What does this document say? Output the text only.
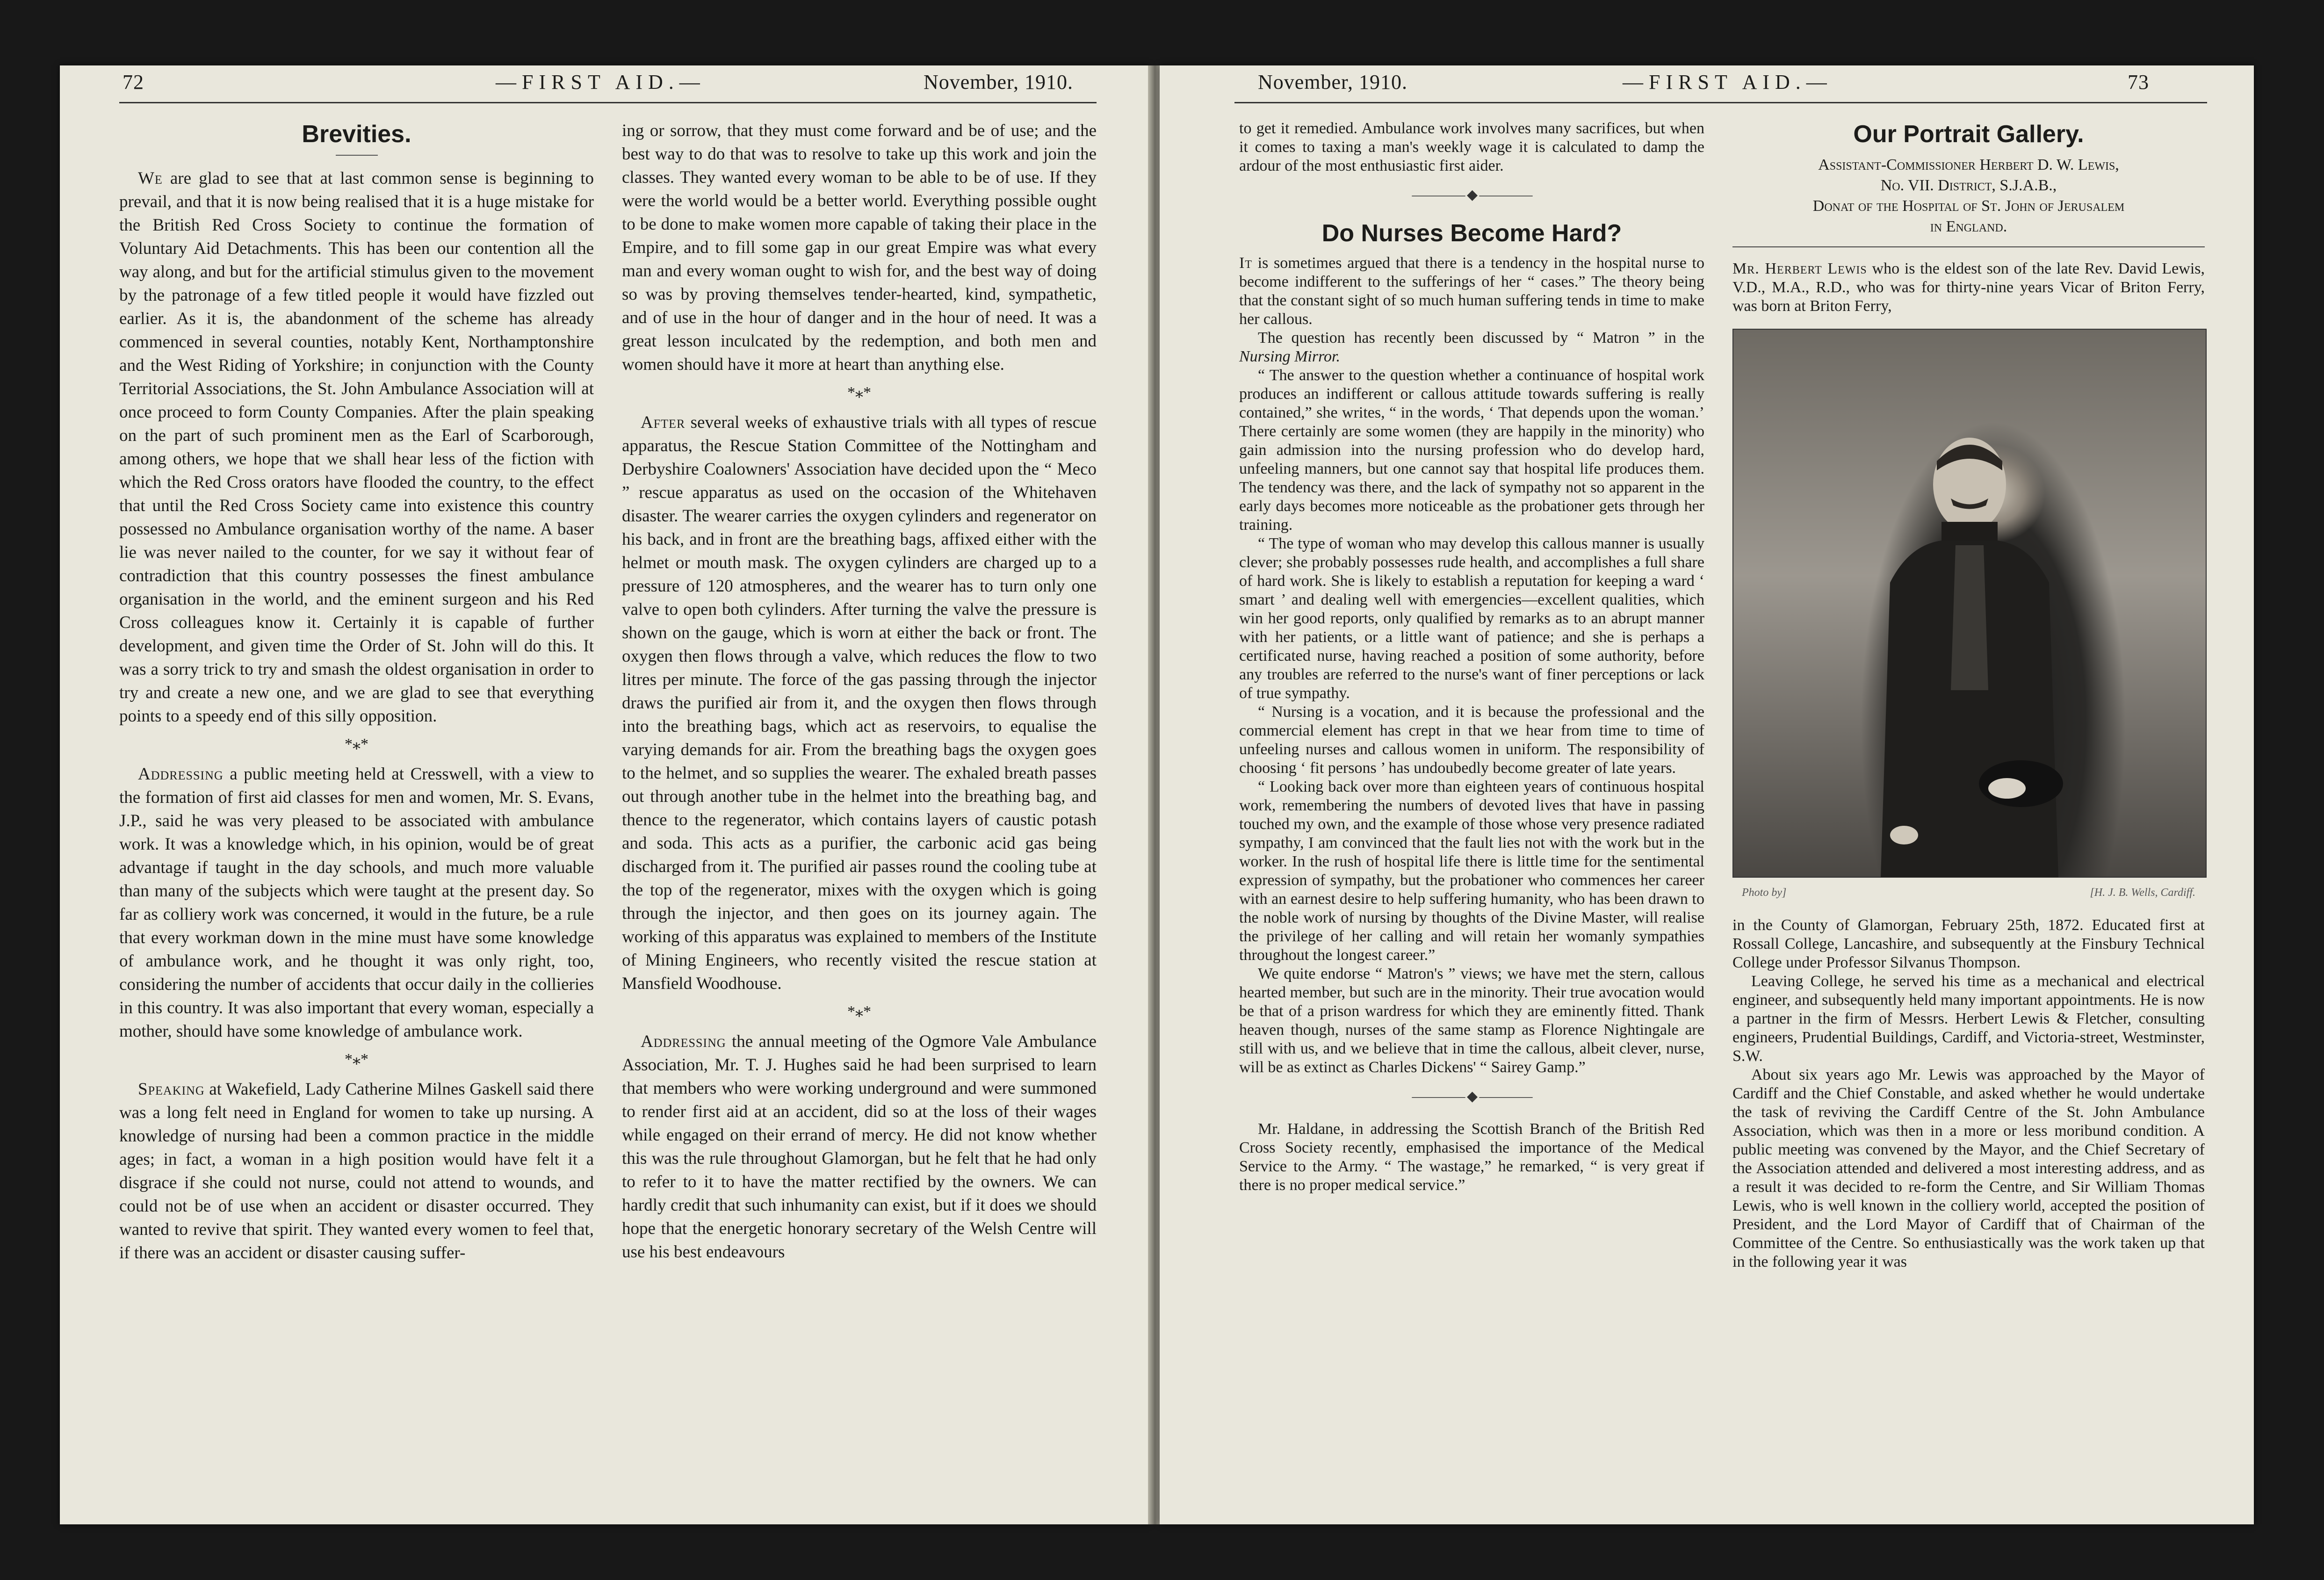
72	—FIRST AID.—	November, 1910.
Brevities.

We are glad to see that at last common sense is beginning to prevail, and that it is now being realised that it is a huge mistake for the British Red Cross Society to continue the formation of Voluntary Aid Detachments. This has been our contention all the way along, and but for the artificial stimulus given to the movement by the patronage of a few titled people it would have fizzled out earlier. As it is, the abandonment of the scheme has already commenced in several counties, notably Kent, Northamptonshire and the West Riding of Yorkshire; in conjunction with the County Territorial Associations, the St. John Ambulance Association will at once proceed to form County Companies. After the plain speaking on the part of such prominent men as the Earl of Scarborough, among others, we hope that we shall hear less of the fiction with which the Red Cross orators have flooded the country, to the effect that until the Red Cross Society came into existence this country possessed no Ambulance organisation worthy of the name. A baser lie was never nailed to the counter, for we say it without fear of contradiction that this country possesses the finest ambulance organisation in the world, and the eminent surgeon and his Red Cross colleagues know it. Certainly it is capable of further development, and given time the Order of St. John will do this. It was a sorry trick to try and smash the oldest organisation in order to try and create a new one, and we are glad to see that everything points to a speedy end of this silly opposition.

*⁎*

Addressing a public meeting held at Cresswell, with a view to the formation of first aid classes for men and women, Mr. S. Evans, J.P., said he was very pleased to be associated with ambulance work. It was a knowledge which, in his opinion, would be of great advantage if taught in the day schools, and much more valuable than many of the subjects which were taught at the present day. So far as colliery work was concerned, it would in the future, be a rule that every workman down in the mine must have some knowledge of ambulance work, and he thought it was only right, too, considering the number of accidents that occur daily in the collieries in this country. It was also important that every woman, especially a mother, should have some knowledge of ambulance work.

*⁎*

Speaking at Wakefield, Lady Catherine Milnes Gaskell said there was a long felt need in England for women to take up nursing. A knowledge of nursing had been a common practice in the middle ages; in fact, a woman in a high position would have felt it a disgrace if she could not nurse, could not attend to wounds, and could not be of use when an accident or disaster occurred. They wanted to revive that spirit. They wanted every women to feel that, if there was an accident or disaster causing suffer-

ing or sorrow, that they must come forward and be of use; and the best way to do that was to resolve to take up this work and join the classes. They wanted every woman to be able to be of use. If they were the world would be a better world. Everything possible ought to be done to make women more capable of taking their place in the Empire, and to fill some gap in our great Empire was what every man and every woman ought to wish for, and the best way of doing so was by proving themselves tender-hearted, kind, sympathetic, and of use in the hour of danger and in the hour of need. It was a great lesson inculcated by the redemption, and both men and women should have it more at heart than anything else.

*⁎*

After several weeks of exhaustive trials with all types of rescue apparatus, the Rescue Station Committee of the Nottingham and Derbyshire Coalowners' Association have decided upon the “ Meco ” rescue apparatus as used on the occasion of the Whitehaven disaster. The wearer carries the oxygen cylinders and regenerator on his back, and in front are the breathing bags, affixed either with the helmet or mouth mask. The oxygen cylinders are charged up to a pressure of 120 atmospheres, and the wearer has to turn only one valve to open both cylinders. After turning the valve the pressure is shown on the gauge, which is worn at either the back or front. The oxygen then flows through a valve, which reduces the flow to two litres per minute. The force of the gas passing through the injector draws the purified air from it, and the oxygen then flows through into the breathing bags, which act as reservoirs, to equalise the varying demands for air. From the breathing bags the oxygen goes to the helmet, and so supplies the wearer. The exhaled breath passes out through another tube in the helmet into the breathing bag, and thence to the regenerator, which contains layers of caustic potash and soda. This acts as a purifier, the carbonic acid gas being discharged from it. The purified air passes round the cooling tube at the top of the regenerator, mixes with the oxygen which is going through the injector, and then goes on its journey again. The working of this apparatus was explained to members of the Institute of Mining Engineers, who recently visited the rescue station at Mansfield Woodhouse.

*⁎*

Addressing the annual meeting of the Ogmore Vale Ambulance Association, Mr. T. J. Hughes said he had been surprised to learn that members who were working underground and were summoned to render first aid at an accident, did so at the loss of their wages while engaged on their errand of mercy. He did not know whether this was the rule throughout Glamorgan, but he felt that he had only to refer to it to have the matter rectified by the owners. We can hardly credit that such inhumanity can exist, but if it does we should hope that the energetic honorary secretary of the Welsh Centre will use his best endeavours

November, 1910.	—FIRST AID.—	73

to get it remedied. Ambulance work involves many sacrifices, but when it comes to taxing a man's weekly wage it is calculated to damp the ardour of the most enthusiastic first aider.

———— ◆ ————
Do Nurses Become Hard?

It is sometimes argued that there is a tendency in the hospital nurse to become indifferent to the sufferings of her “ cases.” The theory being that the constant sight of so much human suffering tends in time to make her callous.

The question has recently been discussed by “ Matron ” in the Nursing Mirror.

“ The answer to the question whether a continuance of hospital work produces an indifferent or callous attitude towards suffering is really contained,” she writes, “ in the words, ‘ That depends upon the woman.’ There certainly are some women (they are happily in the minority) who gain admission into the nursing profession who do develop hard, unfeeling manners, but one cannot say that hospital life produces them. The tendency was there, and the lack of sympathy not so apparent in the early days becomes more noticeable as the probationer gets through her training.

“ The type of woman who may develop this callous manner is usually clever; she probably possesses rude health, and accomplishes a full share of hard work. She is likely to establish a reputation for keeping a ward ‘ smart ’ and dealing well with emergencies—excellent qualities, which win her good reports, only qualified by remarks as to an abrupt manner with her patients, or a little want of patience; and she is perhaps a certificated nurse, having reached a position of some authority, before any troubles are referred to the nurse's want of finer perceptions or lack of true sympathy.

“ Nursing is a vocation, and it is because the professional and the commercial element has crept in that we hear from time to time of unfeeling nurses and callous women in uniform. The responsibility of choosing ‘ fit persons ’ has undoubedly become greater of late years.

“ Looking back over more than eighteen years of continuous hospital work, remembering the numbers of devoted lives that have in passing touched my own, and the example of those whose very presence radiated sympathy, I am convinced that the fault lies not with the work but in the worker. In the rush of hospital life there is little time for the sentimental expression of sympathy, but the probationer who commences her career with an earnest desire to help suffering humanity, who has been drawn to the noble work of nursing by thoughts of the Divine Master, will realise the privilege of her calling and will retain her womanly sympathies throughout the longest career.”

We quite endorse “ Matron's ” views; we have met the stern, callous hearted member, but such are in the minority. Their true avocation would be that of a prison wardress for which they are eminently fitted. Thank heaven though, nurses of the same stamp as Florence Nightingale are still with us, and we believe that in time the callous, albeit clever, nurse, will be as extinct as Charles Dickens' “ Sairey Gamp.”

———— ◆ ————

Mr. Haldane, in addressing the Scottish Branch of the British Red Cross Society recently, emphasised the importance of the Medical Service to the Army. “ The wastage,” he remarked, “ is very great if there is no proper medical service.”

Our Portrait Gallery.
Assistant-Commissioner Herbert D. W. Lewis,
No. VII. District, S.J.A.B.,
Donat of the Hospital of St. John of Jerusalem
in England.

Mr. Herbert Lewis who is the eldest son of the late Rev. David Lewis, V.D., M.A., R.D., who was for thirty-nine years Vicar of Briton Ferry, was born at Briton Ferry,

Photo by]	[H. J. B. Wells, Cardiff.

in the County of Glamorgan, February 25th, 1872. Educated first at Rossall College, Lancashire, and subsequently at the Finsbury Technical College under Professor Silvanus Thompson.

Leaving College, he served his time as a mechanical and electrical engineer, and subsequently held many important appointments. He is now a partner in the firm of Messrs. Herbert Lewis & Fletcher, consulting engineers, Prudential Buildings, Cardiff, and Victoria-street, Westminster, S.W.

About six years ago Mr. Lewis was approached by the Mayor of Cardiff and the Chief Constable, and asked whether he would undertake the task of reviving the Cardiff Centre of the St. John Ambulance Association, which was then in a more or less moribund condition. A public meeting was convened by the Mayor, and the Chief Secretary of the Association attended and delivered a most interesting address, and as a result it was decided to re-form the Centre, and Sir William Thomas Lewis, who is well known in the colliery world, accepted the position of President, and the Lord Mayor of Cardiff that of Chairman of the Committee of the Centre. So enthusiastically was the work taken up that in the following year it was
